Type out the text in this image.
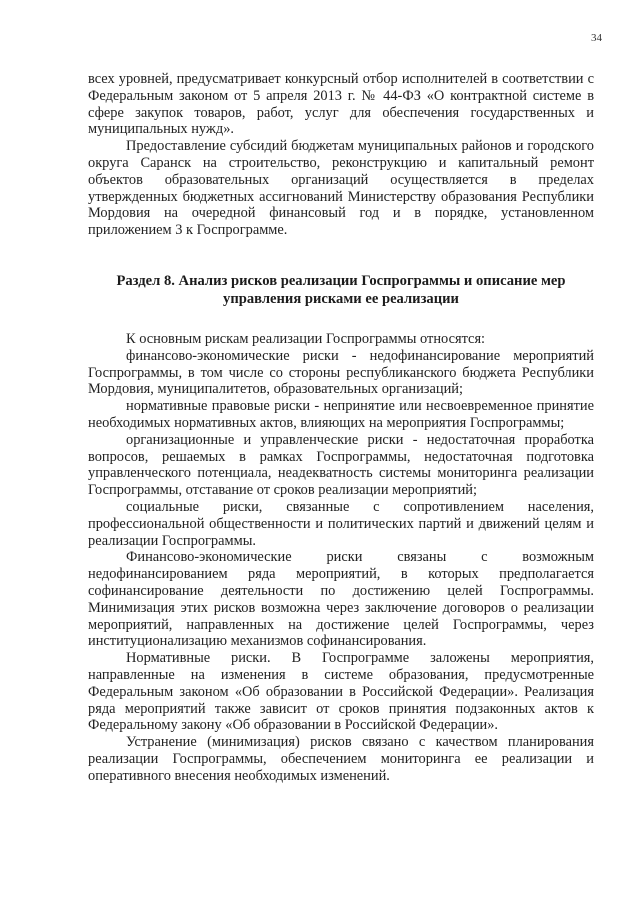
34

всех уровней, предусматривает конкурсный отбор исполнителей в соответствии с Федеральным законом от 5 апреля 2013 г. № 44-ФЗ «О контрактной системе в сфере закупок товаров, работ, услуг для обеспечения государственных и муниципальных нужд».

Предоставление субсидий бюджетам муниципальных районов и городского округа Саранск на строительство, реконструкцию и капитальный ремонт объектов образовательных организаций осуществляется в пределах утвержденных бюджетных ассигнований Министерству образования Республики Мордовия на очередной финансовый год и в порядке, установленном приложением 3 к Госпрограмме.

Раздел 8. Анализ рисков реализации Госпрограммы и описание мер управления рисками ее реализации

К основным рискам реализации Госпрограммы относятся:

финансово-экономические риски - недофинансирование мероприятий Госпрограммы, в том числе со стороны республиканского бюджета Республики Мордовия, муниципалитетов, образовательных организаций;

нормативные правовые риски - непринятие или несвоевременное принятие необходимых нормативных актов, влияющих на мероприятия Госпрограммы;

организационные и управленческие риски - недостаточная проработка вопросов, решаемых в рамках Госпрограммы, недостаточная подготовка управленческого потенциала, неадекватность системы мониторинга реализации Госпрограммы, отставание от сроков реализации мероприятий;

социальные риски, связанные с сопротивлением населения, профессиональной общественности и политических партий и движений целям и реализации Госпрограммы.

Финансово-экономические риски связаны с возможным недофинансированием ряда мероприятий, в которых предполагается софинансирование деятельности по достижению целей Госпрограммы. Минимизация этих рисков возможна через заключение договоров о реализации мероприятий, направленных на достижение целей Госпрограммы, через институционализацию механизмов софинансирования.

Нормативные риски. В Госпрограмме заложены мероприятия, направленные на изменения в системе образования, предусмотренные Федеральным законом «Об образовании в Российской Федерации». Реализация ряда мероприятий также зависит от сроков принятия подзаконных актов к Федеральному закону «Об образовании в Российской Федерации».

Устранение (минимизация) рисков связано с качеством планирования реализации Госпрограммы, обеспечением мониторинга ее реализации и оперативного внесения необходимых изменений.
